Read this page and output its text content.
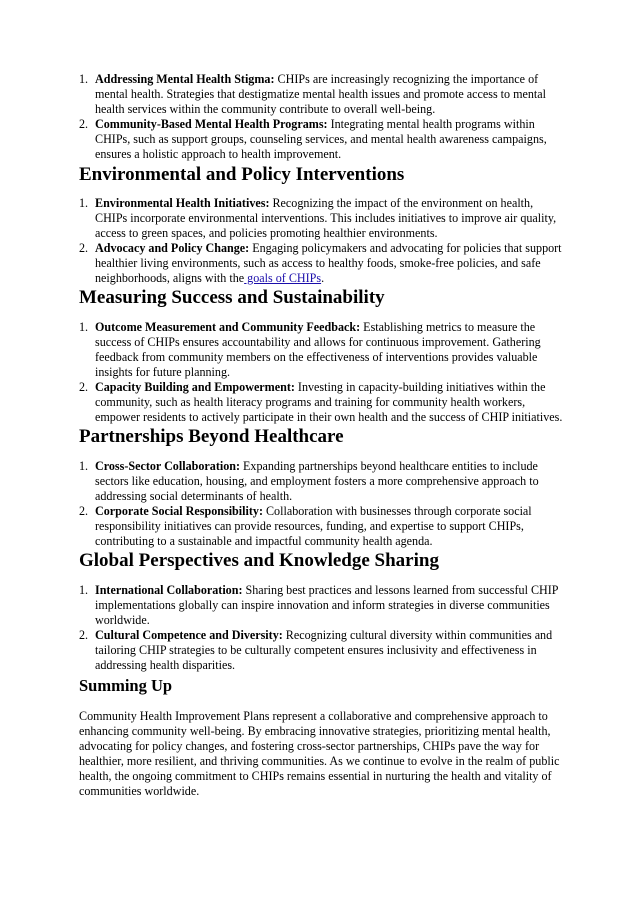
1. Addressing Mental Health Stigma: CHIPs are increasingly recognizing the importance of mental health. Strategies that destigmatize mental health issues and promote access to mental health services within the community contribute to overall well-being.
2. Community-Based Mental Health Programs: Integrating mental health programs within CHIPs, such as support groups, counseling services, and mental health awareness campaigns, ensures a holistic approach to health improvement.
Environmental and Policy Interventions
1. Environmental Health Initiatives: Recognizing the impact of the environment on health, CHIPs incorporate environmental interventions. This includes initiatives to improve air quality, access to green spaces, and policies promoting healthier environments.
2. Advocacy and Policy Change: Engaging policymakers and advocating for policies that support healthier living environments, such as access to healthy foods, smoke-free policies, and safe neighborhoods, aligns with the goals of CHIPs.
Measuring Success and Sustainability
1. Outcome Measurement and Community Feedback: Establishing metrics to measure the success of CHIPs ensures accountability and allows for continuous improvement. Gathering feedback from community members on the effectiveness of interventions provides valuable insights for future planning.
2. Capacity Building and Empowerment: Investing in capacity-building initiatives within the community, such as health literacy programs and training for community health workers, empower residents to actively participate in their own health and the success of CHIP initiatives.
Partnerships Beyond Healthcare
1. Cross-Sector Collaboration: Expanding partnerships beyond healthcare entities to include sectors like education, housing, and employment fosters a more comprehensive approach to addressing social determinants of health.
2. Corporate Social Responsibility: Collaboration with businesses through corporate social responsibility initiatives can provide resources, funding, and expertise to support CHIPs, contributing to a sustainable and impactful community health agenda.
Global Perspectives and Knowledge Sharing
1. International Collaboration: Sharing best practices and lessons learned from successful CHIP implementations globally can inspire innovation and inform strategies in diverse communities worldwide.
2. Cultural Competence and Diversity: Recognizing cultural diversity within communities and tailoring CHIP strategies to be culturally competent ensures inclusivity and effectiveness in addressing health disparities.
Summing Up

Community Health Improvement Plans represent a collaborative and comprehensive approach to enhancing community well-being. By embracing innovative strategies, prioritizing mental health, advocating for policy changes, and fostering cross-sector partnerships, CHIPs pave the way for healthier, more resilient, and thriving communities. As we continue to evolve in the realm of public health, the ongoing commitment to CHIPs remains essential in nurturing the health and vitality of communities worldwide.
